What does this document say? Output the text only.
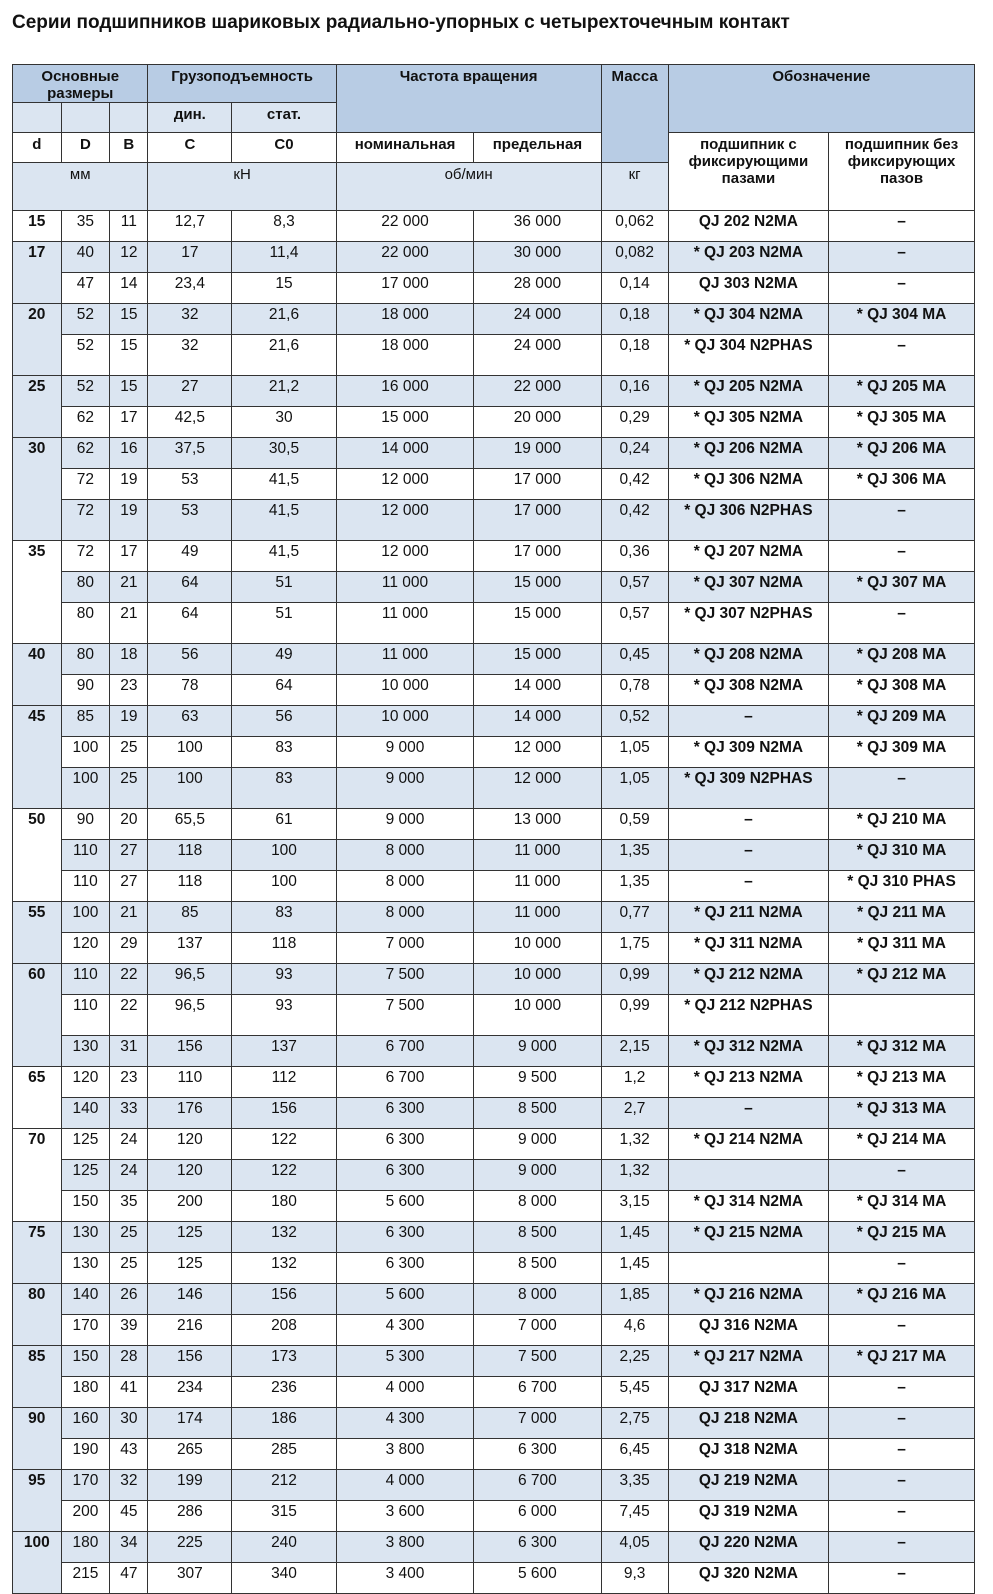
Серии подшипников шариковых радиально-упорных с четырехточечным контакт
Основные размеры			Грузоподъемность		Частота вращения		Масса	Обозначение	
			дин.	стат.					
d	D	B	C	C0	номинальная	предельная		подшипник с фиксирующими пазами	подшипник без фиксирующих пазов
мм			кН		об/мин		кг		
15	35	11	12,7	8,3	22 000	36 000	0,062	QJ 202 N2MA	–
17	40	12	17	11,4	22 000	30 000	0,082	* QJ 203 N2MA	–
	47	14	23,4	15	17 000	28 000	0,14	QJ 303 N2MA	–
20	52	15	32	21,6	18 000	24 000	0,18	* QJ 304 N2MA	* QJ 304 MA
	52	15	32	21,6	18 000	24 000	0,18	* QJ 304 N2PHAS	–
25	52	15	27	21,2	16 000	22 000	0,16	* QJ 205 N2MA	* QJ 205 MA
	62	17	42,5	30	15 000	20 000	0,29	* QJ 305 N2MA	* QJ 305 MA
30	62	16	37,5	30,5	14 000	19 000	0,24	* QJ 206 N2MA	* QJ 206 MA
	72	19	53	41,5	12 000	17 000	0,42	* QJ 306 N2MA	* QJ 306 MA
	72	19	53	41,5	12 000	17 000	0,42	* QJ 306 N2PHAS	–
35	72	17	49	41,5	12 000	17 000	0,36	* QJ 207 N2MA	–
	80	21	64	51	11 000	15 000	0,57	* QJ 307 N2MA	* QJ 307 MA
	80	21	64	51	11 000	15 000	0,57	* QJ 307 N2PHAS	–
40	80	18	56	49	11 000	15 000	0,45	* QJ 208 N2MA	* QJ 208 MA
	90	23	78	64	10 000	14 000	0,78	* QJ 308 N2MA	* QJ 308 MA
45	85	19	63	56	10 000	14 000	0,52	–	* QJ 209 MA
	100	25	100	83	9 000	12 000	1,05	* QJ 309 N2MA	* QJ 309 MA
	100	25	100	83	9 000	12 000	1,05	* QJ 309 N2PHAS	–
50	90	20	65,5	61	9 000	13 000	0,59	–	* QJ 210 MA
	110	27	118	100	8 000	11 000	1,35	–	* QJ 310 MA
	110	27	118	100	8 000	11 000	1,35	–	* QJ 310 PHAS
55	100	21	85	83	8 000	11 000	0,77	* QJ 211 N2MA	* QJ 211 MA
	120	29	137	118	7 000	10 000	1,75	* QJ 311 N2MA	* QJ 311 MA
60	110	22	96,5	93	7 500	10 000	0,99	* QJ 212 N2MA	* QJ 212 MA
	110	22	96,5	93	7 500	10 000	0,99	* QJ 212 N2PHAS	
	130	31	156	137	6 700	9 000	2,15	* QJ 312 N2MA	* QJ 312 MA
65	120	23	110	112	6 700	9 500	1,2	* QJ 213 N2MA	* QJ 213 MA
	140	33	176	156	6 300	8 500	2,7	–	* QJ 313 MA
70	125	24	120	122	6 300	9 000	1,32	* QJ 214 N2MA	* QJ 214 MA
	125	24	120	122	6 300	9 000	1,32		–
	150	35	200	180	5 600	8 000	3,15	* QJ 314 N2MA	* QJ 314 MA
75	130	25	125	132	6 300	8 500	1,45	* QJ 215 N2MA	* QJ 215 MA
	130	25	125	132	6 300	8 500	1,45		–
80	140	26	146	156	5 600	8 000	1,85	* QJ 216 N2MA	* QJ 216 MA
	170	39	216	208	4 300	7 000	4,6	QJ 316 N2MA	–
85	150	28	156	173	5 300	7 500	2,25	* QJ 217 N2MA	* QJ 217 MA
	180	41	234	236	4 000	6 700	5,45	QJ 317 N2MA	–
90	160	30	174	186	4 300	7 000	2,75	QJ 218 N2MA	–
	190	43	265	285	3 800	6 300	6,45	QJ 318 N2MA	–
95	170	32	199	212	4 000	6 700	3,35	QJ 219 N2MA	–
	200	45	286	315	3 600	6 000	7,45	QJ 319 N2MA	–
100	180	34	225	240	3 800	6 300	4,05	QJ 220 N2MA	–
	215	47	307	340	3 400	5 600	9,3	QJ 320 N2MA	–
